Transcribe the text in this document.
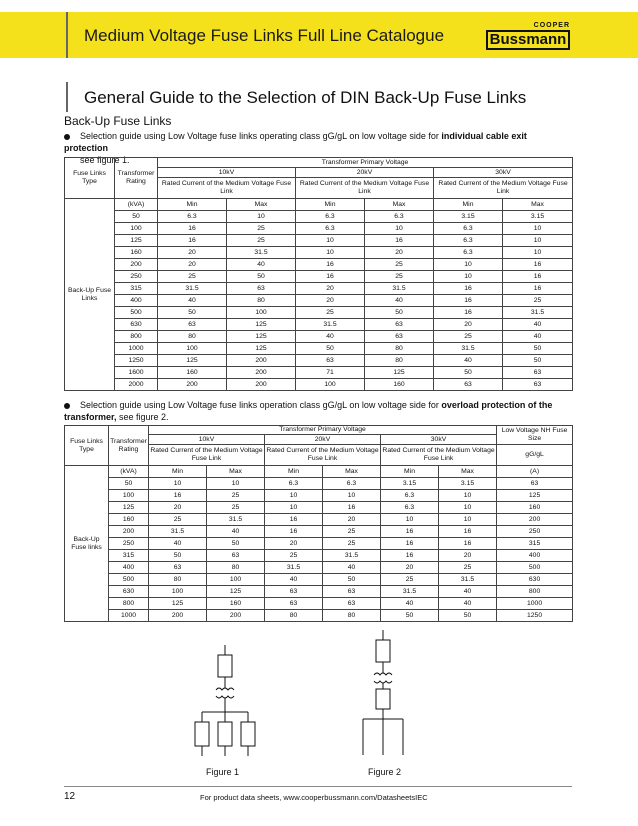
Medium Voltage Fuse Links Full Line Catalogue
COOPER
Bussmann
General Guide to the Selection of DIN Back-Up Fuse Links
Back-Up Fuse Links
Selection guide using Low Voltage fuse links operating class gG/gL on low voltage side for individual cable exit protection
see figure 1.
Fuse Links Type	Transformer Rating	Transformer Primary Voltage					
		10kV		20kV		30kV	
		Rated Current of the Medium Voltage Fuse Link		Rated Current of the Medium Voltage Fuse Link		Rated Current of the Medium Voltage Fuse Link	
Back-Up Fuse Links	(kVA)	Min	Max	Min	Max	Min	Max
	50	6.3	10	6.3	6.3	3.15	3.15
	100	16	25	6.3	10	6.3	10
	125	16	25	10	16	6.3	10
	160	20	31.5	10	20	6.3	10
	200	20	40	16	25	10	16
	250	25	50	16	25	10	16
	315	31.5	63	20	31.5	16	16
	400	40	80	20	40	16	25
	500	50	100	25	50	16	31.5
	630	63	125	31.5	63	20	40
	800	80	125	40	63	25	40
	1000	100	125	50	80	31.5	50
	1250	125	200	63	80	40	50
	1600	160	200	71	125	50	63
	2000	200	200	100	160	63	63
Selection guide using Low Voltage fuse links operation class gG/gL on low voltage side for overload protection of the
transformer, see figure 2.
Fuse Links Type	Transformer Rating	Transformer Primary Voltage						Low Voltage NH Fuse Size
		10kV		20kV		30kV		
		Rated Current of the Medium Voltage Fuse Link		Rated Current of the Medium Voltage Fuse Link		Rated Current of the Medium Voltage Fuse Link		gG/gL
Back-Up Fuse links	(kVA)	Min	Max	Min	Max	Min	Max	(A)
	50	10	10	6.3	6.3	3.15	3.15	63
	100	16	25	10	10	6.3	10	125
	125	20	25	10	16	6.3	10	160
	160	25	31.5	16	20	10	10	200
	200	31.5	40	16	25	16	16	250
	250	40	50	20	25	16	16	315
	315	50	63	25	31.5	16	20	400
	400	63	80	31.5	40	20	25	500
	500	80	100	40	50	25	31.5	630
	630	100	125	63	63	31.5	40	800
	800	125	160	63	63	40	40	1000
	1000	200	200	80	80	50	50	1250
Figure 1	Figure 2
12	For product data sheets, www.cooperbussmann.com/DatasheetsIEC
